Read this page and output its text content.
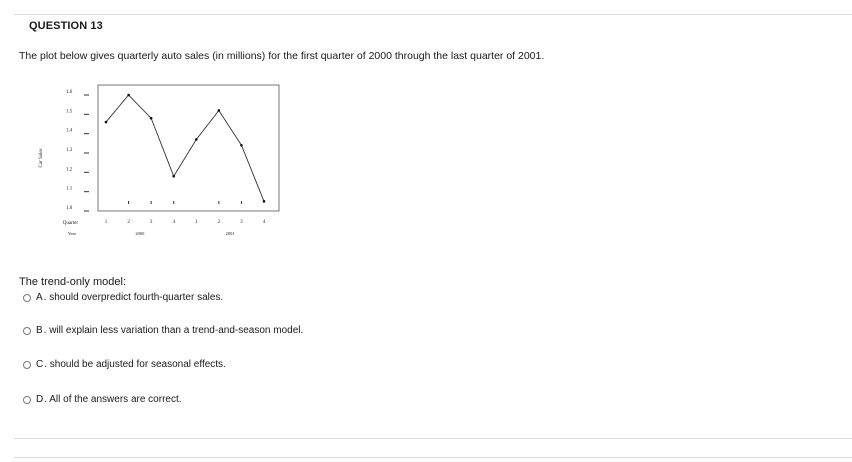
QUESTION 13
The plot below gives quarterly auto sales (in millions) for the first quarter of 2000 through the last quarter of 2001.
1.0
1.1
1.2
1.3
1.4
1.5
1.6
1	2	3	4	1	2	3	4
2000	2001
Car Sales
Quarter
Year
The trend-only model:
A . should overpredict fourth-quarter sales.
B . will explain less variation than a trend-and-season model.
C . should be adjusted for seasonal effects.
D . All of the answers are correct.
